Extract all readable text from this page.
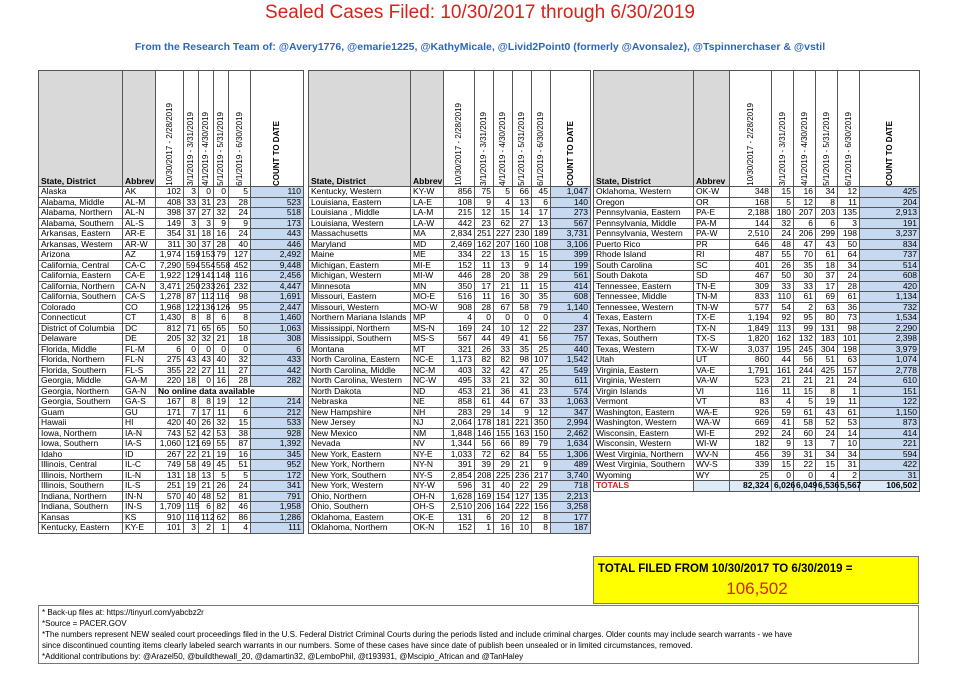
Sealed Cases Filed: 10/30/2017 through 6/30/2019
From the Research Team of: @Avery1776, @emarie1225, @KathyMicale, @Livid2Point0 (formerly @Avonsalez), @Tspinnerchaser & @vstil
State, District	Abbrev	10/30/2017 - 2/28/2019	3/1/2019 - 3/31/2019	4/1/2019 - 4/30/2019	5/1/2019 - 5/31/2019	6/1/2019 - 6/30/2019	COUNT TO DATE

Alaska	AK	102	3	0	0	5	110
Alabama, Middle	AL-M	408	33	31	23	28	523
Alabama, Northern	AL-N	398	37	27	32	24	518
Alabama, Southern	AL-S	149	3	3	9	9	173
Arkansas, Eastern	AR-E	354	31	18	16	24	443
Arkansas, Western	AR-W	311	30	37	28	40	446
Arizona	AZ	1,974	159	153	79	127	2,492
California, Central	CA-C	7,290	594	554	558	452	9,448
California, Eastern	CA-E	1,922	129	141	148	116	2,456
California, Northern	CA-N	3,471	250	233	261	232	4,447
California, Southern	CA-S	1,278	87	112	116	98	1,691
Colorado	CO	1,968	122	136	126	95	2,447
Connecticut	CT	1,430	8	8	6	8	1,460
District of Columbia	DC	812	71	65	65	50	1,063
Delaware	DE	205	32	32	21	18	308
Florida, Middle	FL-M	6	0	0	0	0	6
Florida, Northern	FL-N	275	43	43	40	32	433
Florida, Southern	FL-S	355	22	27	11	27	442
Georgia, Middle	GA-M	220	18	0	16	28	282
Georgia, Northern	GA-N	No online data available					
Georgia, Southern	GA-S	167	8	8	19	12	214
Guam	GU	171	7	17	11	6	212
Hawaii	HI	420	40	26	32	15	533
Iowa, Northern	IA-N	743	52	42	53	38	928
Iowa, Southern	IA-S	1,060	121	69	55	87	1,392
Idaho	ID	267	22	21	19	16	345
Illinois, Central	IL-C	749	58	49	45	51	952
Illinois, Northern	IL-N	131	18	13	5	5	172
Illinois, Southern	IL-S	251	19	21	26	24	341
Indiana, Northern	IN-N	570	40	48	52	81	791
Indiana, Southern	IN-S	1,709	115	6	82	46	1,958
Kansas	KS	910	116	112	62	86	1,286
Kentucky, Eastern	KY-E	101	3	2	1	4	111
State, District	Abbrev	10/30/2017 - 2/28/2019	3/1/2019 - 3/31/2019	4/1/2019 - 4/30/2019	5/1/2019 - 5/31/2019	6/1/2019 - 6/30/2019	COUNT TO DATE

Kentucky, Western	KY-W	856	75	5	66	45	1,047
Louisiana, Eastern	LA-E	108	9	4	13	6	140
Louisiana , Middle	LA-M	215	12	15	14	17	273
Louisiana, Western	LA-W	442	23	62	27	13	567
Massachusetts	MA	2,834	251	227	230	189	3,731
Maryland	MD	2,469	162	207	160	108	3,106
Maine	ME	334	22	13	15	15	399
Michigan, Eastern	MI-E	152	11	13	9	14	199
Michigan, Western	MI-W	446	28	20	38	29	561
Minnesota	MN	350	17	21	11	15	414
Missouri, Eastern	MO-E	516	11	16	30	35	608
Missouri, Western	MO-W	908	28	67	58	79	1,140
Northern Mariana Islands	MP	4	0	0	0	0	4
Mississippi, Northern	MS-N	169	24	10	12	22	237
Mississippi, Southern	MS-S	567	44	49	41	56	757
Montana	MT	321	26	33	35	25	440
North Carolina, Eastern	NC-E	1,173	82	82	98	107	1,542
North Carolina, Middle	NC-M	403	32	42	47	25	549
North Carolina, Western	NC-W	495	33	21	32	30	611
North Dakota	ND	453	21	36	41	23	574
Nebraska	NE	858	61	44	67	33	1,063
New Hampshire	NH	283	29	14	9	12	347
New Jersey	NJ	2,064	178	181	221	350	2,994
New Mexico	NM	1,848	146	155	163	150	2,462
Nevada	NV	1,344	56	66	89	79	1,634
New York, Eastern	NY-E	1,033	72	62	84	55	1,306
New York, Northern	NY-N	391	39	29	21	9	489
New York, Southern	NY-S	2,854	208	225	236	217	3,740
New York, Western	NY-W	596	31	40	22	29	718
Ohio, Northern	OH-N	1,628	169	154	127	135	2,213
Ohio, Southern	OH-S	2,510	206	164	222	156	3,258
Oklahoma, Eastern	OK-E	131	6	20	12	8	177
Oklahoma, Northern	OK-N	152	1	16	10	8	187
State, District	Abbrev	10/30/2017 - 2/28/2019	3/1/2019 - 3/31/2019	4/1/2019 - 4/30/2019	5/1/2019 - 5/31/2019	6/1/2019 - 6/30/2019	COUNT TO DATE

Oklahoma, Western	OK-W	348	15	16	34	12	425
Oregon	OR	168	5	12	8	11	204
Pennsylvania, Eastern	PA-E	2,188	180	207	203	135	2,913
Pennsylvania, Middle	PA-M	144	32	6	6	3	191
Pennsylvania, Western	PA-W	2,510	24	206	299	198	3,237
Puerto Rico	PR	646	48	47	43	50	834
Rhode Island	RI	487	55	70	61	64	737
South Carolina	SC	401	26	35	18	34	514
South Dakota	SD	467	50	30	37	24	608
Tennessee, Eastern	TN-E	309	33	33	17	28	420
Tennessee, Middle	TN-M	833	110	61	69	61	1,134
Tennessee, Western	TN-W	577	54	2	63	36	732
Texas, Eastern	TX-E	1,194	92	95	80	73	1,534
Texas, Northern	TX-N	1,849	113	99	131	98	2,290
Texas, Southern	TX-S	1,820	162	132	183	101	2,398
Texas, Western	TX-W	3,037	195	245	304	198	3,979
Utah	UT	860	44	56	51	63	1,074
Virginia, Eastern	VA-E	1,791	161	244	425	157	2,778
Virginia, Western	VA-W	523	21	21	21	24	610
Virgin Islands	VI	116	11	15	8	1	151
Vermont	VT	83	4	5	19	11	122
Washington, Eastern	WA-E	926	59	61	43	61	1,150
Washington, Western	WA-W	669	41	58	52	53	873
Wisconsin, Eastern	WI-E	292	24	60	24	14	414
Wisconsin, Western	WI-W	182	9	13	7	10	221
West Virginia, Northern	WV-N	456	39	31	34	34	594
West Virginia, Southern	WV-S	339	15	22	15	31	422
Wyoming	WY	25	0	0	4	2	31
TOTALS		82,324	6,026	6,049	6,536	5,567	106,502
TOTAL FILED FROM 10/30/2017 TO 6/30/2019 =
106,502
* Back-up files at: https://tinyurl.com/yabcbz2r
*Source = PACER.GOV
*The numbers represent NEW sealed court proceedings filed in the U.S. Federal District Criminal Courts during the periods listed and include criminal charges. Older counts may include search warrants - we have
since discontinued counting items clearly labeled search warrants in our numbers. Some of these cases have since date of publish been unsealed or in limited circumstances, removed.
*Additional contributions by: @Arazel50, @buildthewall_20, @damartin32, @LemboPhil, @t193931, @Mscipio_African and @TanHaley
